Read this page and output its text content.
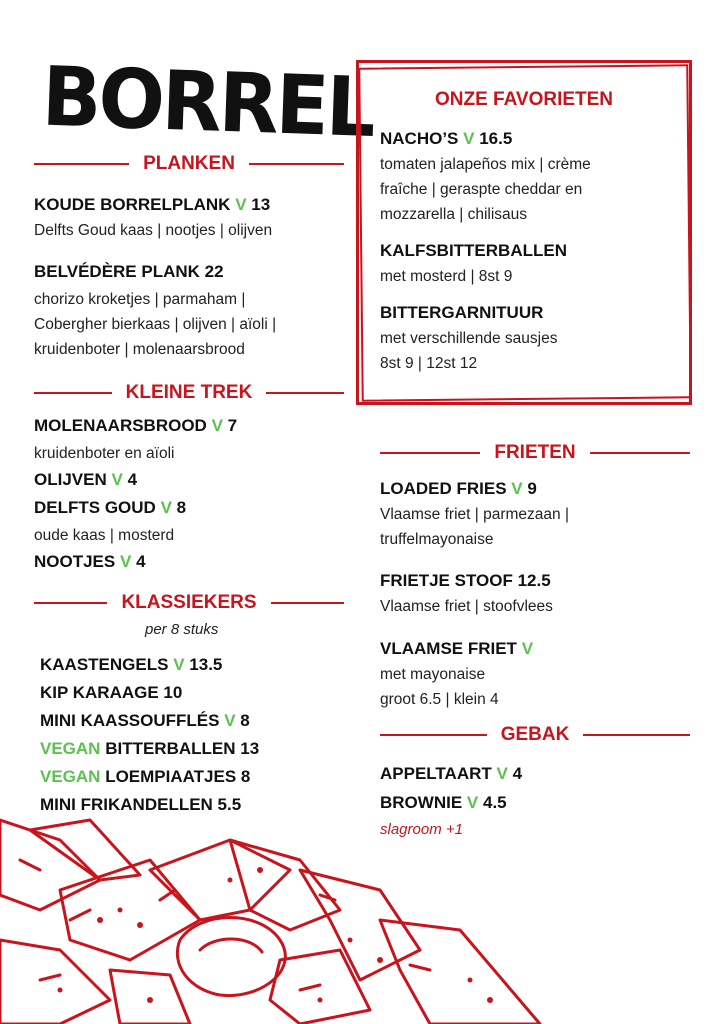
BORREL
PLANKEN
KOUDE BORRELPLANK V 13
Delfts Goud kaas | nootjes | olijven
BELVÉDÈRE PLANK 22
chorizo kroketjes | parmaham |
Cobergher bierkaas | olijven | aïoli |
kruidenboter | molenaarsbrood
KLEINE TREK
MOLENAARSBROOD V 7
kruidenboter en aïoli
OLIJVEN V 4
DELFTS GOUD V 8
oude kaas | mosterd
NOOTJES V 4
KLASSIEKERS
per 8 stuks
KAASTENGELS V 13.5
KIP KARAAGE 10
MINI KAASSOUFFLÉS V 8
VEGAN BITTERBALLEN 13
VEGAN LOEMPIAATJES 8
MINI FRIKANDELLEN 5.5
ONZE FAVORIETEN
NACHO’S V 16.5
tomaten jalapeños mix | crème
fraîche | geraspte cheddar en
mozzarella | chilisaus
KALFSBITTERBALLEN
met mosterd | 8st 9
BITTERGARNITUUR
met verschillende sausjes
8st 9 | 12st 12
FRIETEN
LOADED FRIES V 9
Vlaamse friet | parmezaan |
truffelmayonaise
FRIETJE STOOF 12.5
Vlaamse friet | stoofvlees
VLAAMSE FRIET V
met mayonaise
groot 6.5 | klein 4
GEBAK
APPELTAART V 4
BROWNIE V 4.5
slagroom +1
